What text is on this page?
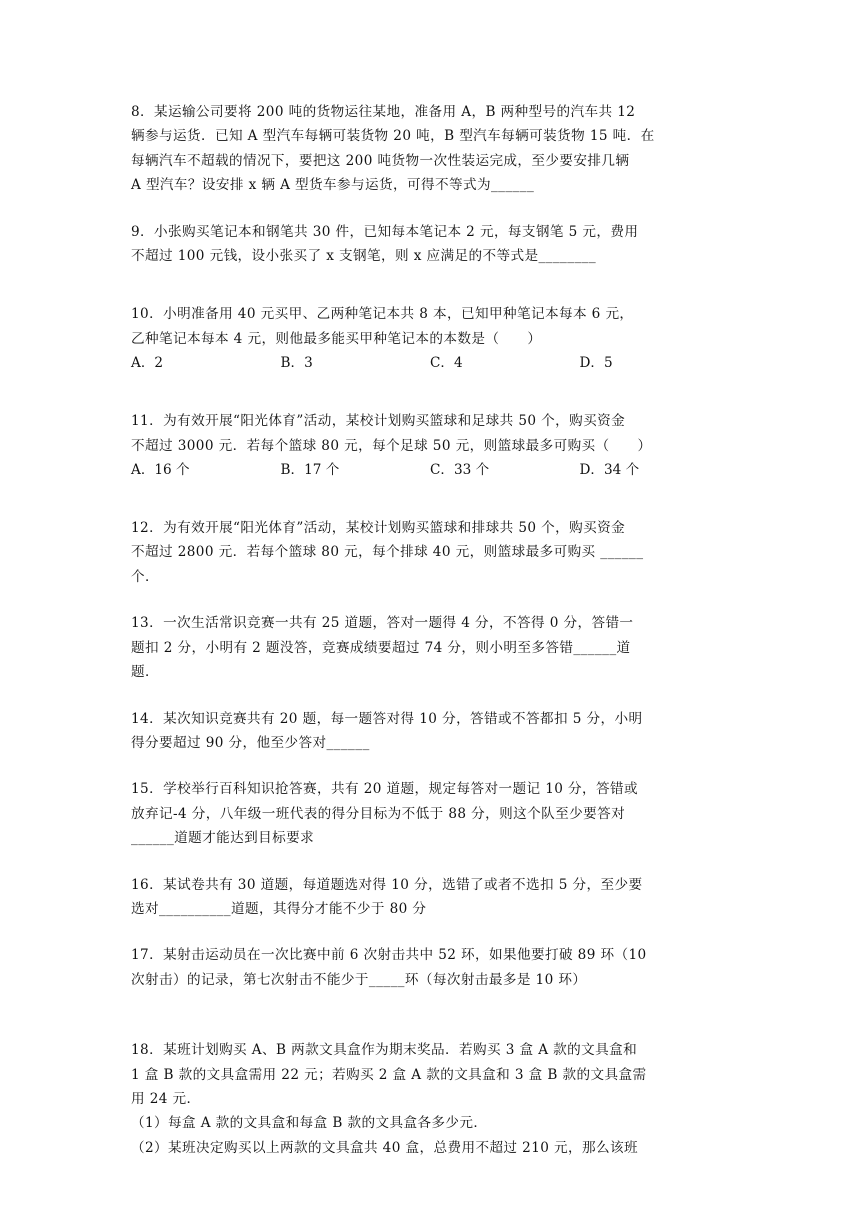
8．某运输公司要将 200 吨的货物运往某地，准备用 A，B 两种型号的汽车共 12
辆参与运货．已知 A 型汽车每辆可装货物 20 吨，B 型汽车每辆可装货物 15 吨．在
每辆汽车不超载的情况下，要把这 200 吨货物一次性装运完成，至少要安排几辆
A 型汽车？设安排 x 辆 A 型货车参与运货，可得不等式为______
9．小张购买笔记本和钢笔共 30 件，已知每本笔记本 2 元，每支钢笔 5 元，费用
不超过 100 元钱，设小张买了 x 支钢笔，则 x 应满足的不等式是________
10．小明准备用 40 元买甲、乙两种笔记本共 8 本，已知甲种笔记本每本 6 元，
乙种笔记本每本 4 元，则他最多能买甲种笔记本的本数是（　　）
A．2	B．3	C．4	D．5
11．为有效开展“阳光体育”活动，某校计划购买篮球和足球共 50 个，购买资金
不超过 3000 元．若每个篮球 80 元，每个足球 50 元，则篮球最多可购买（　　）
A．16 个	B．17 个	C．33 个	D．34 个
12．为有效开展“阳光体育”活动，某校计划购买篮球和排球共 50 个，购买资金
不超过 2800 元．若每个篮球 80 元，每个排球 40 元，则篮球最多可购买 ______
个．
13．一次生活常识竞赛一共有 25 道题，答对一题得 4 分，不答得 0 分，答错一
题扣 2 分，小明有 2 题没答，竞赛成绩要超过 74 分，则小明至多答错______道
题．
14．某次知识竞赛共有 20 题，每一题答对得 10 分，答错或不答都扣 5 分，小明
得分要超过 90 分，他至少答对______
15．学校举行百科知识抢答赛，共有 20 道题，规定每答对一题记 10 分，答错或
放弃记-4 分，八年级一班代表的得分目标为不低于 88 分，则这个队至少要答对
______道题才能达到目标要求
16．某试卷共有 30 道题，每道题选对得 10 分，选错了或者不选扣 5 分，至少要
选对__________道题，其得分才能不少于 80 分
17．某射击运动员在一次比赛中前 6 次射击共中 52 环，如果他要打破 89 环（10
次射击）的记录，第七次射击不能少于_____环（每次射击最多是 10 环）
18．某班计划购买 A、B 两款文具盒作为期末奖品．若购买 3 盒 A 款的文具盒和
1 盒 B 款的文具盒需用 22 元；若购买 2 盒 A 款的文具盒和 3 盒 B 款的文具盒需
用 24 元．
（1）每盒 A 款的文具盒和每盒 B 款的文具盒各多少元．
（2）某班决定购买以上两款的文具盒共 40 盒，总费用不超过 210 元，那么该班
